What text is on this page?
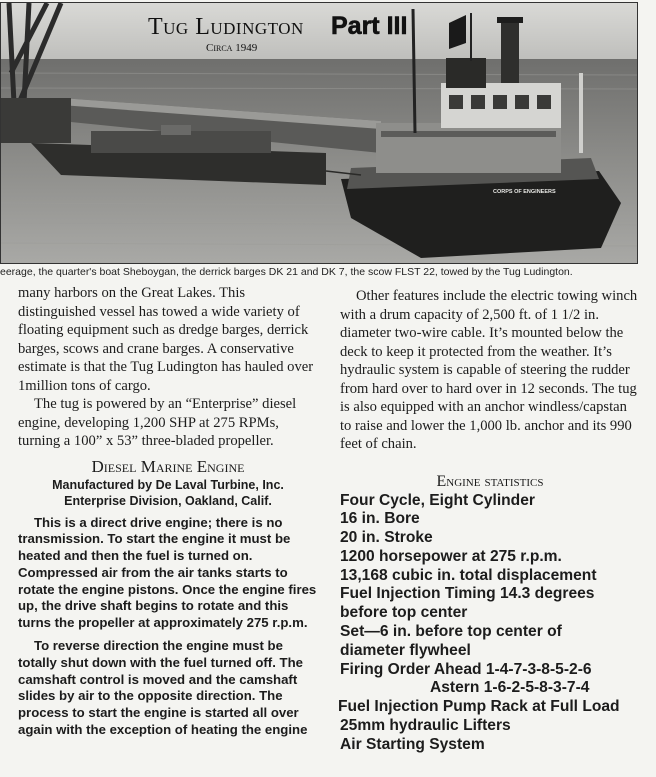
CORPS OF ENGINEERS
Tug Ludington Part III
Circa 1949
eerage, the quarter's boat Sheboygan, the derrick barges DK 21 and DK 7, the scow FLST 22, towed by the Tug Ludington.

many harbors on the Great Lakes. This distinguished vessel has towed a wide variety of floating equipment such as dredge barges, derrick barges, scows and crane barges. A conservative estimate is that the Tug Ludington has hauled over 1million tons of cargo.

The tug is powered by an “Enterprise” diesel engine, developing 1,200 SHP at 275 RPMs, turning a 100” x 53” three-bladed propeller.

Diesel Marine Engine

Manufactured by De Laval Turbine, Inc.

Enterprise Division, Oakland, Calif.

This is a direct drive engine; there is no transmission. To start the engine it must be heated and then the fuel is turned on. Compressed air from the air tanks starts to rotate the engine pistons. Once the engine fires up, the drive shaft begins to rotate and this turns the propeller at approximately 275 r.p.m.

To reverse direction the engine must be totally shut down with the fuel turned off. The camshaft control is moved and the camshaft slides by air to the opposite direction. The process to start the engine is started all over again with the exception of heating the engine

Other features include the electric towing winch with a drum capacity of 2,500 ft. of 1 1/2 in. diameter two-wire cable. It’s mounted below the deck to keep it protected from the weather. It’s hydraulic system is capable of steering the rudder from hard over to hard over in 12 seconds. The tug is also equipped with an anchor windless/capstan to raise and lower the 1,000 lb. anchor and its 990 feet of chain.

Engine statistics

Four Cycle, Eight Cylinder
16 in. Bore
20 in. Stroke
1200 horsepower at 275 r.p.m.
13,168 cubic in. total displacement
Fuel Injection Timing 14.3 degrees
before top center
Set—6 in. before top center of
diameter flywheel
Firing Order Ahead 1-4-7-3-8-5-2-6
Astern 1-6-2-5-8-3-7-4
Fuel Injection Pump Rack at Full Load
25mm hydraulic Lifters
Air Starting System
